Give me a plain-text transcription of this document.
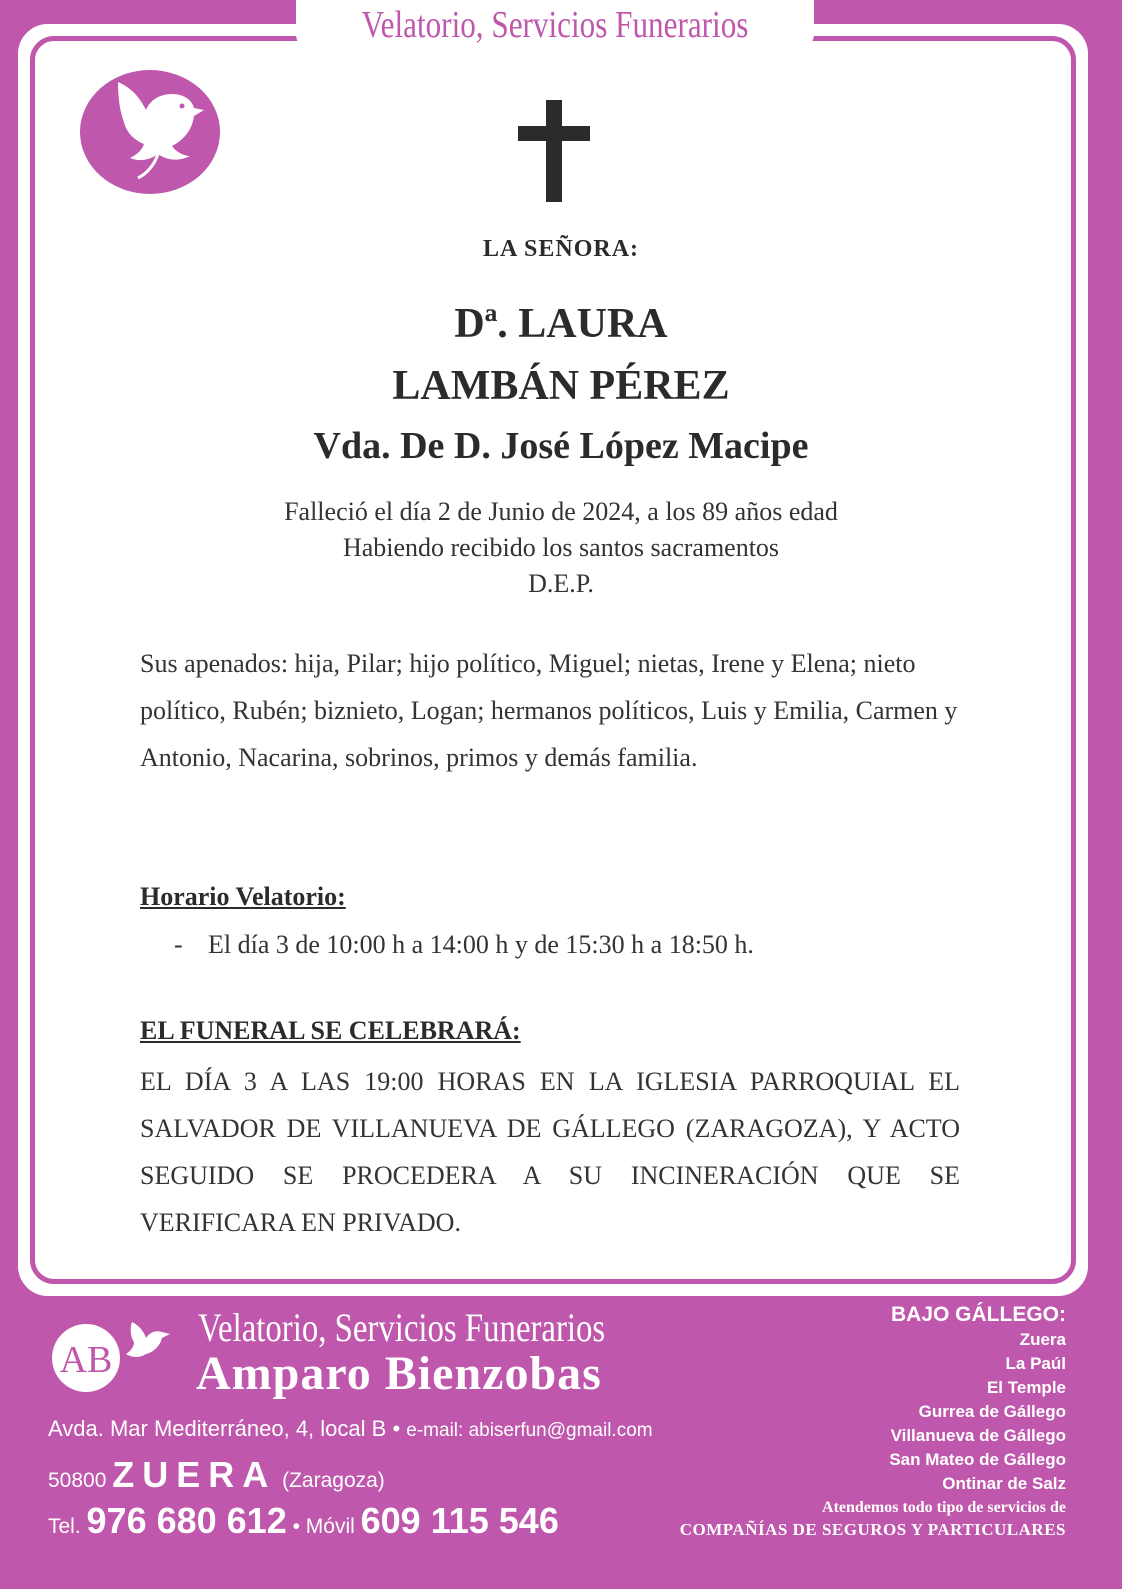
Velatorio, Servicios Funerarios
LA SEÑORA:
Dª. LAURA
LAMBÁN PÉREZ
Vda. De D. José López Macipe
Falleció el día 2 de Junio de 2024, a los 89 años edad
Habiendo recibido los santos sacramentos
D.E.P.
Sus apenados: hija, Pilar; hijo político, Miguel; nietas, Irene y Elena; nieto político, Rubén; biznieto, Logan; hermanos políticos, Luis y Emilia, Carmen y Antonio, Nacarina, sobrinos, primos y demás familia.
Horario Velatorio:
- El día 3 de 10:00 h a 14:00 h y de 15:30 h a 18:50 h.
EL FUNERAL SE CELEBRARÁ:
EL DÍA 3 A LAS 19:00 HORAS EN LA IGLESIA PARROQUIAL EL SALVADOR DE VILLANUEVA DE GÁLLEGO (ZARAGOZA), Y ACTO SEGUIDO SE PROCEDERA A SU INCINERACIÓN QUE SE VERIFICARA EN PRIVADO.
AB
Velatorio, Servicios Funerarios
Amparo Bienzobas
Avda. Mar Mediterráneo, 4, local B • e-mail: abiserfun@gmail.com
50800 ZUERA (Zaragoza)
Tel. 976 680 612 • Móvil 609 115 546
BAJO GÁLLEGO:
Zuera
La Paúl
El Temple
Gurrea de Gállego
Villanueva de Gállego
San Mateo de Gállego
Ontinar de Salz
Atendemos todo tipo de servicios de
COMPAÑÍAS DE SEGUROS Y PARTICULARES
